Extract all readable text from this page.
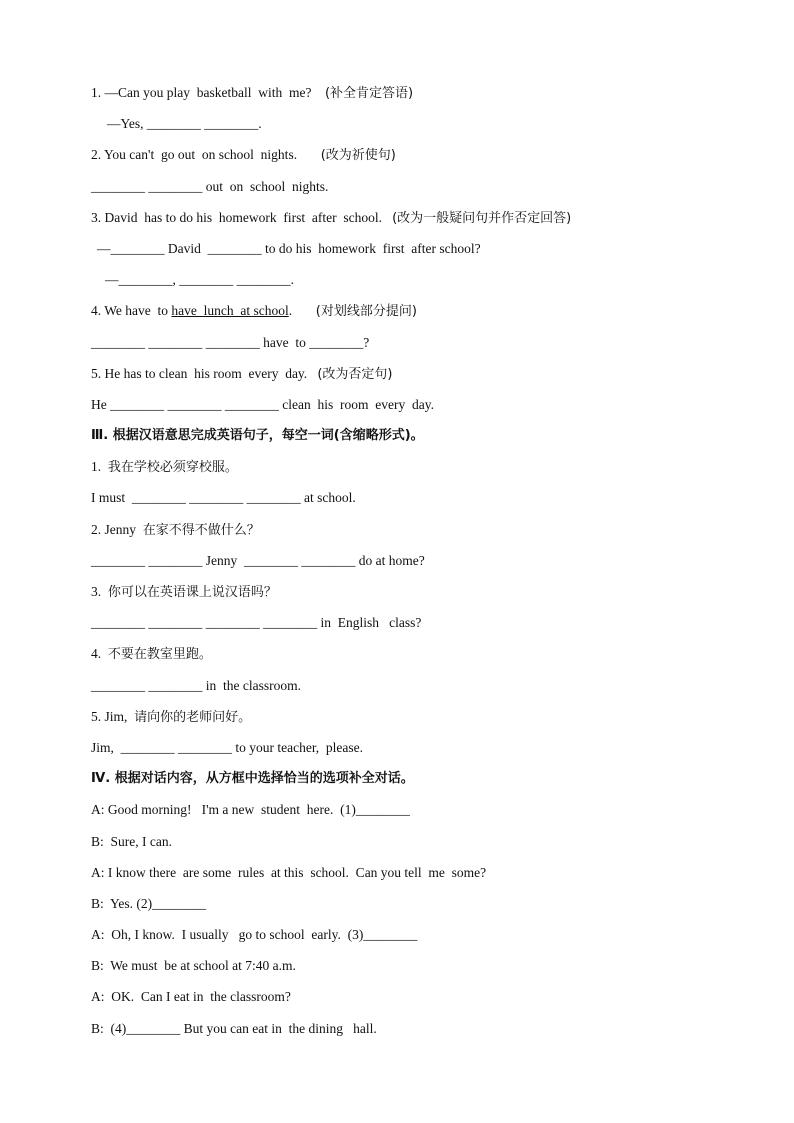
1. —Can you play  basketball  with  me?    (补全肯定答语)
—Yes, ________ ________.
2. You can't  go out  on school  nights.       (改为祈使句)
________ ________ out  on  school  nights.
3. David  has to do his  homework  first  after  school.   (改为一般疑问句并作否定回答)
—________ David  ________ to do his  homework  first  after school?
—________, ________ ________.
4. We have  to have  lunch  at school.       (对划线部分提问)
________ ________ ________ have  to ________?
5. He has to clean  his room  every  day.   (改为否定句)
He ________ ________ ________ clean  his  room  every  day.
Ⅲ. 根据汉语意思完成英语句子，每空一词(含缩略形式)。
1.  我在学校必须穿校服。
I must  ________ ________ ________ at school.
2. Jenny  在家不得不做什么？
________ ________ Jenny  ________ ________ do at home?
3.  你可以在英语课上说汉语吗？
________ ________ ________ ________ in  English   class?
4.  不要在教室里跑。
________ ________ in  the classroom.
5. Jim,  请向你的老师问好。
Jim,  ________ ________ to your teacher,  please.
Ⅳ. 根据对话内容，从方框中选择恰当的选项补全对话。
A: Good morning!   I'm a new  student  here.  (1)________
B:  Sure, I can.
A: I know there  are some  rules  at this  school.  Can you tell  me  some?
B:  Yes. (2)________
A:  Oh, I know.  I usually   go to school  early.  (3)________
B:  We must  be at school at 7:40 a.m.
A:  OK.  Can I eat in  the classroom?
B:  (4)________ But you can eat in  the dining   hall.
